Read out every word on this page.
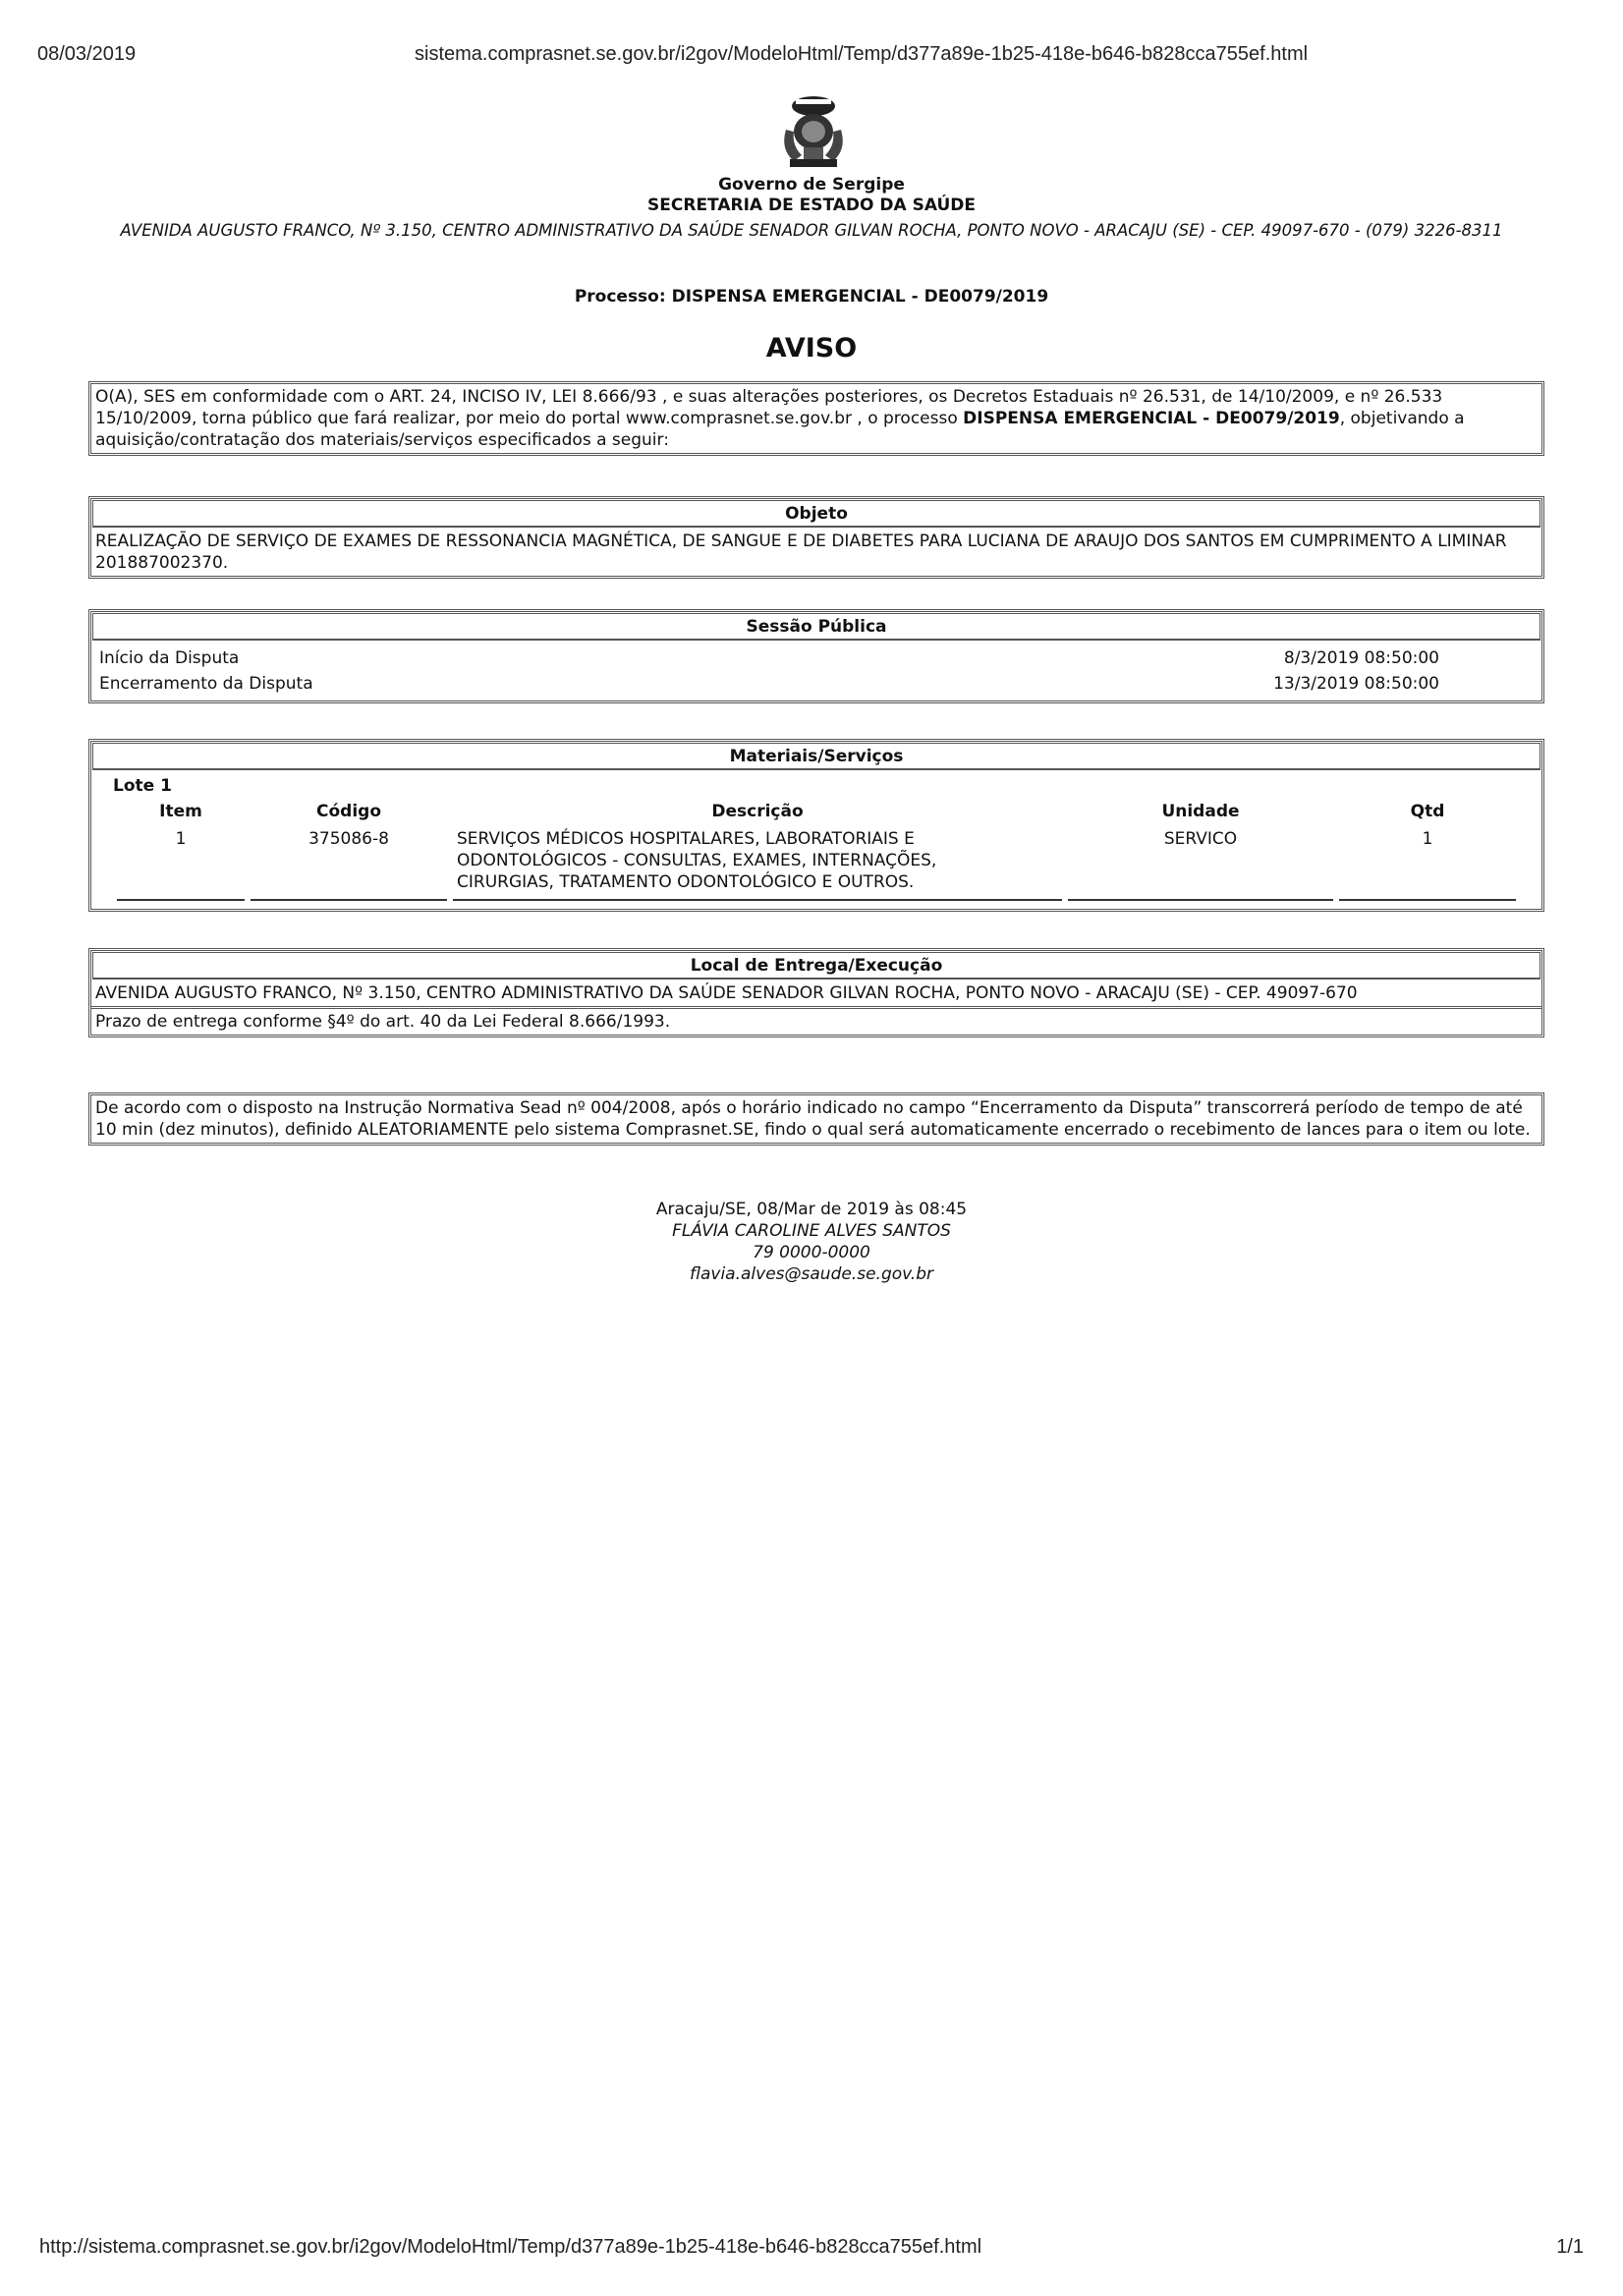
08/03/2019	sistema.comprasnet.se.gov.br/i2gov/ModeloHtml/Temp/d377a89e-1b25-418e-b646-b828cca755ef.html
Governo de Sergipe
SECRETARIA DE ESTADO DA SAÚDE
AVENIDA AUGUSTO FRANCO, Nº 3.150, CENTRO ADMINISTRATIVO DA SAÚDE SENADOR GILVAN ROCHA, PONTO NOVO - ARACAJU (SE) - CEP. 49097-670 - (079) 3226-8311
Processo: DISPENSA EMERGENCIAL - DE0079/2019
AVISO
O(A), SES em conformidade com o ART. 24, INCISO IV, LEI 8.666/93 , e suas alterações posteriores, os Decretos Estaduais nº 26.531, de 14/10/2009, e nº 26.533 15/10/2009, torna público que fará realizar, por meio do portal www.comprasnet.se.gov.br , o processo DISPENSA EMERGENCIAL - DE0079/2019, objetivando a aquisição/contratação dos materiais/serviços especificados a seguir:
Objeto
REALIZAÇÃO DE SERVIÇO DE EXAMES DE RESSONANCIA MAGNÉTICA, DE SANGUE E DE DIABETES PARA LUCIANA DE ARAUJO DOS SANTOS EM CUMPRIMENTO A LIMINAR 201887002370.
Sessão Pública
Início da Disputa	8/3/2019 08:50:00
Encerramento da Disputa	13/3/2019 08:50:00
Materiais/Serviços
Lote 1
Item	Código	Descrição	Unidade	Qtd
1	375086-8	SERVIÇOS MÉDICOS HOSPITALARES, LABORATORIAIS E ODONTOLÓGICOS - CONSULTAS, EXAMES, INTERNAÇÕES, CIRURGIAS, TRATAMENTO ODONTOLÓGICO E OUTROS.	SERVICO	1
Local de Entrega/Execução
AVENIDA AUGUSTO FRANCO, Nº 3.150, CENTRO ADMINISTRATIVO DA SAÚDE SENADOR GILVAN ROCHA, PONTO NOVO - ARACAJU (SE) - CEP. 49097-670
Prazo de entrega conforme §4º do art. 40 da Lei Federal 8.666/1993.
De acordo com o disposto na Instrução Normativa Sead nº 004/2008, após o horário indicado no campo “Encerramento da Disputa” transcorrerá período de tempo de até 10 min (dez minutos), definido ALEATORIAMENTE pelo sistema Comprasnet.SE, findo o qual será automaticamente encerrado o recebimento de lances para o item ou lote.
Aracaju/SE, 08/Mar de 2019 às 08:45
FLÁVIA CAROLINE ALVES SANTOS
79 0000-0000
flavia.alves@saude.se.gov.br
http://sistema.comprasnet.se.gov.br/i2gov/ModeloHtml/Temp/d377a89e-1b25-418e-b646-b828cca755ef.html	1/1
